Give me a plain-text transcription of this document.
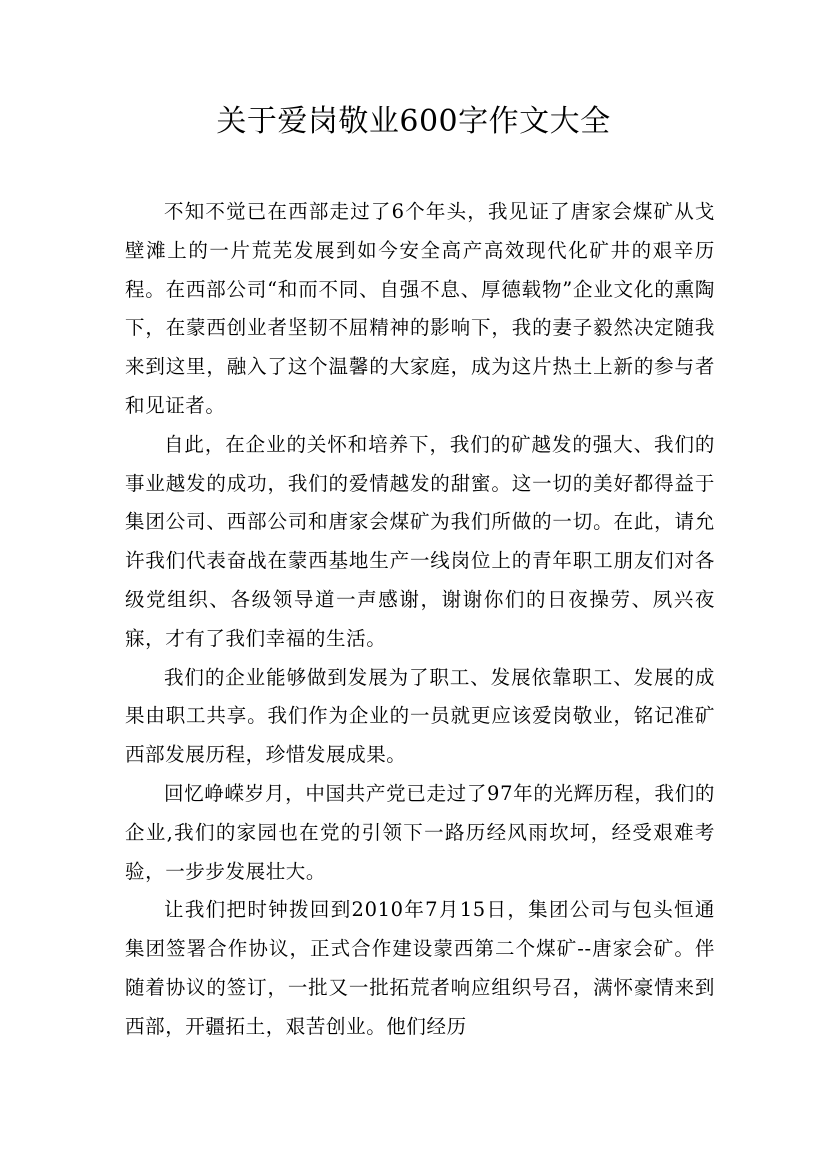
关于爱岗敬业600字作文大全

不知不觉已在西部走过了6个年头，我见证了唐家会煤矿从戈壁滩上的一片荒芜发展到如今安全高产高效现代化矿井的艰辛历程。在西部公司“和而不同、自强不息、厚德载物”企业文化的熏陶下，在蒙西创业者坚韧不屈精神的影响下，我的妻子毅然决定随我来到这里，融入了这个温馨的大家庭，成为这片热土上新的参与者和见证者。

自此，在企业的关怀和培养下，我们的矿越发的强大、我们的事业越发的成功，我们的爱情越发的甜蜜。这一切的美好都得益于集团公司、西部公司和唐家会煤矿为我们所做的一切。在此，请允许我们代表奋战在蒙西基地生产一线岗位上的青年职工朋友们对各级党组织、各级领导道一声感谢，谢谢你们的日夜操劳、夙兴夜寐，才有了我们幸福的生活。

我们的企业能够做到发展为了职工、发展依靠职工、发展的成果由职工共享。我们作为企业的一员就更应该爱岗敬业，铭记准矿西部发展历程，珍惜发展成果。

回忆峥嵘岁月，中国共产党已走过了97年的光辉历程，我们的企业,我们的家园也在党的引领下一路历经风雨坎坷，经受艰难考验，一步步发展壮大。

让我们把时钟拨回到2010年7月15日，集团公司与包头恒通集团签署合作协议，正式合作建设蒙西第二个煤矿--唐家会矿。伴随着协议的签订，一批又一批拓荒者响应组织号召，满怀豪情来到西部，开疆拓土，艰苦创业。他们经历
